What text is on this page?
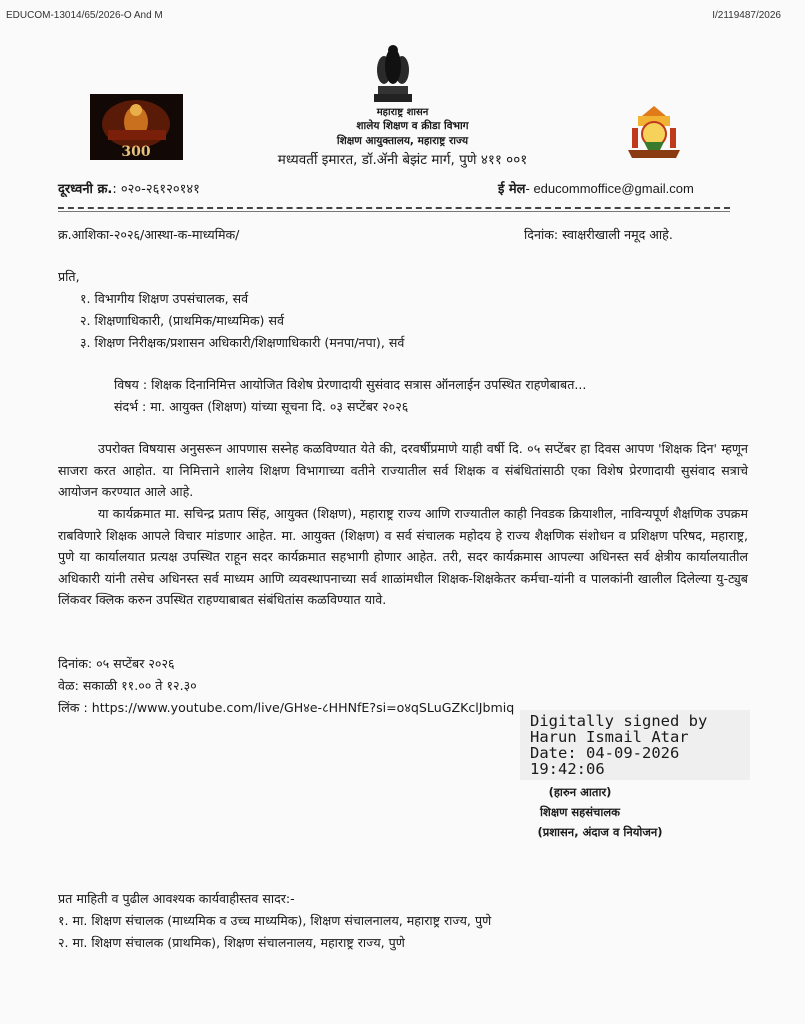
EDUCOM-13014/65/2026-O And M	I/2119487/2026
300
महाराष्ट्र शासन
शालेय शिक्षण व क्रीडा विभाग
शिक्षण आयुक्तालय, महाराष्ट्र राज्य
मध्यवर्ती इमारत, डॉ.ॲनी बेझंट मार्ग, पुणे ४११ ००१
दूरध्वनी क्र.: ०२०-२६१२०१४१	ई मेल- educommoffice@gmail.com
क्र.आशिका-२०२६/आस्था-क-माध्यमिक/	दिनांक: स्वाक्षरीखाली नमूद आहे.
प्रति,
१. विभागीय शिक्षण उपसंचालक, सर्व
२. शिक्षणाधिकारी, (प्राथमिक/माध्यमिक) सर्व
३. शिक्षण निरीक्षक/प्रशासन अधिकारी/शिक्षणाधिकारी (मनपा/नपा), सर्व
विषय : शिक्षक दिनानिमित्त आयोजित विशेष प्रेरणादायी सुसंवाद सत्रास ऑनलाईन उपस्थित राहणेबाबत...
संदर्भ : मा. आयुक्त (शिक्षण) यांच्या सूचना दि. ०३ सप्टेंबर २०२६

उपरोक्त विषयास अनुसरून आपणास सस्नेह कळविण्यात येते की, दरवर्षीप्रमाणे याही वर्षी दि. ०५ सप्टेंबर हा दिवस आपण 'शिक्षक दिन' म्हणून साजरा करत आहोत. या निमित्ताने शालेय शिक्षण विभागाच्या वतीने राज्यातील सर्व शिक्षक व संबंधितांसाठी एका विशेष प्रेरणादायी सुसंवाद सत्राचे आयोजन करण्यात आले आहे.

या कार्यक्रमात मा. सचिन्द्र प्रताप सिंह, आयुक्त (शिक्षण), महाराष्ट्र राज्य आणि राज्यातील काही निवडक क्रियाशील, नाविन्यपूर्ण शैक्षणिक उपक्रम राबविणारे शिक्षक आपले विचार मांडणार आहेत. मा. आयुक्त (शिक्षण) व सर्व संचालक महोदय हे राज्य शैक्षणिक संशोधन व प्रशिक्षण परिषद, महाराष्ट्र, पुणे या कार्यालयात प्रत्यक्ष उपस्थित राहून सदर कार्यक्रमात सहभागी होणार आहेत. तरी, सदर कार्यक्रमास आपल्या अधिनस्त सर्व क्षेत्रीय कार्यालयातील अधिकारी यांनी तसेच अधिनस्त सर्व माध्यम आणि व्यवस्थापनाच्या सर्व शाळांमधील शिक्षक-शिक्षकेतर कर्मचा-यांनी व पालकांनी खालील दिलेल्या यु-ट्युब लिंकवर क्लिक करुन उपस्थित राहण्याबाबत संबंधितांस कळविण्यात यावे.

दिनांक: ०५ सप्टेंबर २०२६
वेळ: सकाळी ११.०० ते १२.३०
लिंक : https://www.youtube.com/live/GH४e-८HHNfE?si=o४qSLuGZKclJbmiq
Digitally signed by
Harun Ismail Atar
Date: 04-09-2026
19:42:06
(हारुन आतार)
शिक्षण सहसंचालक
(प्रशासन, अंदाज व नियोजन)
प्रत माहिती व पुढील आवश्यक कार्यवाहीस्तव सादर:-
१. मा. शिक्षण संचालक (माध्यमिक व उच्च माध्यमिक), शिक्षण संचालनालय, महाराष्ट्र राज्य, पुणे
२. मा. शिक्षण संचालक (प्राथमिक), शिक्षण संचालनालय, महाराष्ट्र राज्य, पुणे
